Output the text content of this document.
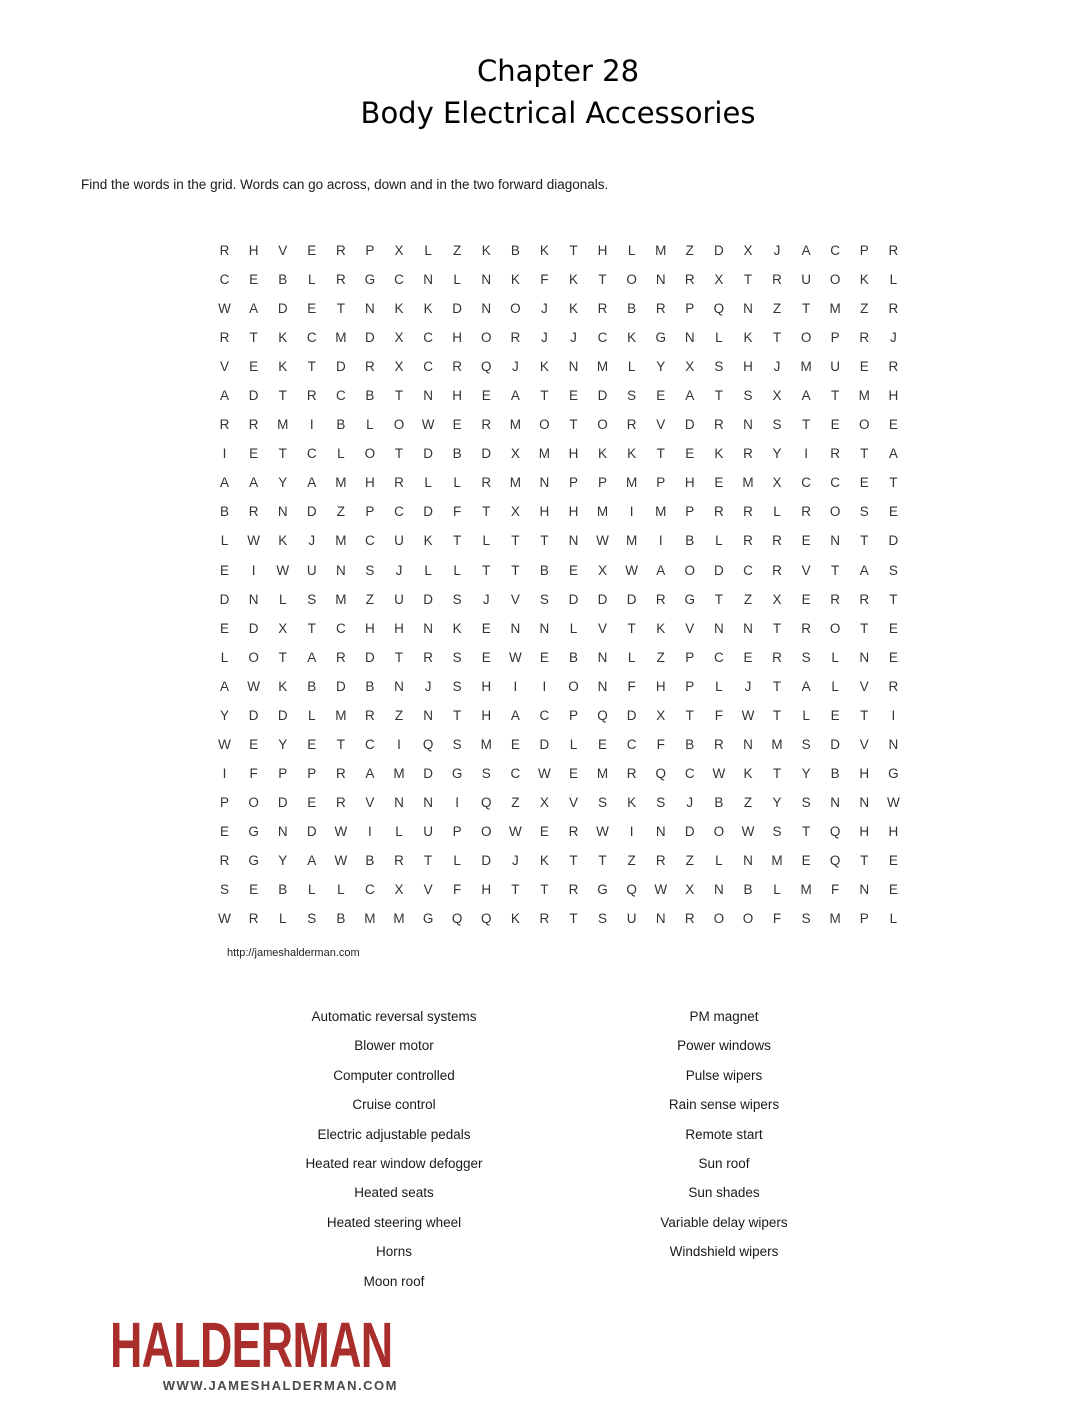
Chapter 28
Body Electrical Accessories
Find the words in the grid. Words can go across, down and in the two forward diagonals.
R	H	V	E	R	P	X	L	Z	K	B	K	T	H	L	M	Z	D	X	J	A	C	P	R
C	E	B	L	R	G	C	N	L	N	K	F	K	T	O	N	R	X	T	R	U	O	K	L
W	A	D	E	T	N	K	K	D	N	O	J	K	R	B	R	P	Q	N	Z	T	M	Z	R
R	T	K	C	M	D	X	C	H	O	R	J	J	C	K	G	N	L	K	T	O	P	R	J
V	E	K	T	D	R	X	C	R	Q	J	K	N	M	L	Y	X	S	H	J	M	U	E	R
A	D	T	R	C	B	T	N	H	E	A	T	E	D	S	E	A	T	S	X	A	T	M	H
R	R	M	I	B	L	O	W	E	R	M	O	T	O	R	V	D	R	N	S	T	E	O	E
I	E	T	C	L	O	T	D	B	D	X	M	H	K	K	T	E	K	R	Y	I	R	T	A
A	A	Y	A	M	H	R	L	L	R	M	N	P	P	M	P	H	E	M	X	C	C	E	T
B	R	N	D	Z	P	C	D	F	T	X	H	H	M	I	M	P	R	R	L	R	O	S	E
L	W	K	J	M	C	U	K	T	L	T	T	N	W	M	I	B	L	R	R	E	N	T	D
E	I	W	U	N	S	J	L	L	T	T	B	E	X	W	A	O	D	C	R	V	T	A	S
D	N	L	S	M	Z	U	D	S	J	V	S	D	D	D	R	G	T	Z	X	E	R	R	T
E	D	X	T	C	H	H	N	K	E	N	N	L	V	T	K	V	N	N	T	R	O	T	E
L	O	T	A	R	D	T	R	S	E	W	E	B	N	L	Z	P	C	E	R	S	L	N	E
A	W	K	B	D	B	N	J	S	H	I	I	O	N	F	H	P	L	J	T	A	L	V	R
Y	D	D	L	M	R	Z	N	T	H	A	C	P	Q	D	X	T	F	W	T	L	E	T	I
W	E	Y	E	T	C	I	Q	S	M	E	D	L	E	C	F	B	R	N	M	S	D	V	N
I	F	P	P	R	A	M	D	G	S	C	W	E	M	R	Q	C	W	K	T	Y	B	H	G
P	O	D	E	R	V	N	N	I	Q	Z	X	V	S	K	S	J	B	Z	Y	S	N	N	W
E	G	N	D	W	I	L	U	P	O	W	E	R	W	I	N	D	O	W	S	T	Q	H	H
R	G	Y	A	W	B	R	T	L	D	J	K	T	T	Z	R	Z	L	N	M	E	Q	T	E
S	E	B	L	L	C	X	V	F	H	T	T	R	G	Q	W	X	N	B	L	M	F	N	E
W	R	L	S	B	M	M	G	Q	Q	K	R	T	S	U	N	R	O	O	F	S	M	P	L
http://jameshalderman.com
Automatic reversal systems
Blower motor
Computer controlled
Cruise control
Electric adjustable pedals
Heated rear window defogger
Heated seats
Heated steering wheel
Horns
Moon roof
PM magnet
Power windows
Pulse wipers
Rain sense wipers
Remote start
Sun roof
Sun shades
Variable delay wipers
Windshield wipers
HALDERMAN
WWW.JAMESHALDERMAN.COM
